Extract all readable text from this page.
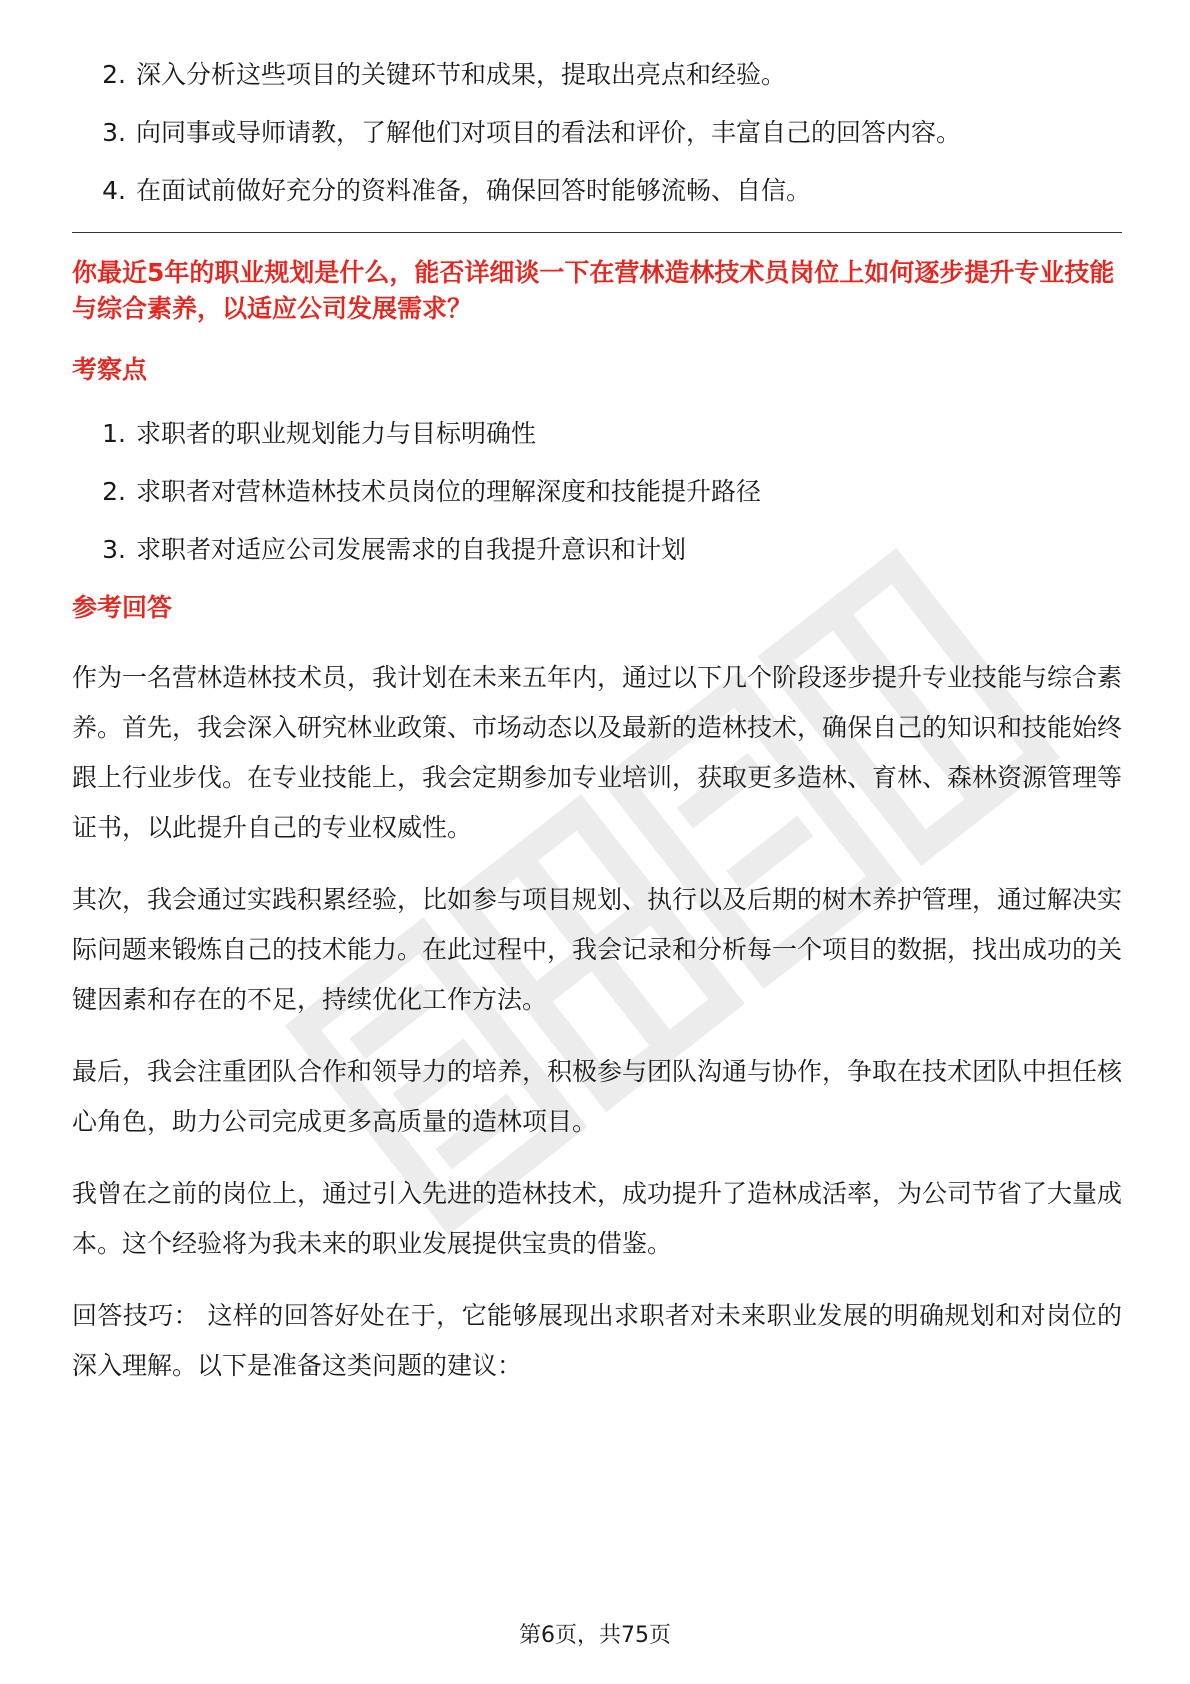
2. 深入分析这些项目的关键环节和成果，提取出亮点和经验。
3. 向同事或导师请教，了解他们对项目的看法和评价，丰富自己的回答内容。
4. 在面试前做好充分的资料准备，确保回答时能够流畅、自信。
你最近5年的职业规划是什么，能否详细谈一下在营林造林技术员岗位上如何逐步提升专业技能与综合素养，以适应公司发展需求？
考察点
1. 求职者的职业规划能力与目标明确性
2. 求职者对营林造林技术员岗位的理解深度和技能提升路径
3. 求职者对适应公司发展需求的自我提升意识和计划
参考回答

作为一名营林造林技术员，我计划在未来五年内，通过以下几个阶段逐步提升专业技能与综合素养。首先，我会深入研究林业政策、市场动态以及最新的造林技术，确保自己的知识和技能始终跟上行业步伐。在专业技能上，我会定期参加专业培训，获取更多造林、育林、森林资源管理等证书，以此提升自己的专业权威性。

其次，我会通过实践积累经验，比如参与项目规划、执行以及后期的树木养护管理，通过解决实际问题来锻炼自己的技术能力。在此过程中，我会记录和分析每一个项目的数据，找出成功的关键因素和存在的不足，持续优化工作方法。

最后，我会注重团队合作和领导力的培养，积极参与团队沟通与协作，争取在技术团队中担任核心角色，助力公司完成更多高质量的造林项目。

我曾在之前的岗位上，通过引入先进的造林技术，成功提升了造林成活率，为公司节省了大量成本。这个经验将为我未来的职业发展提供宝贵的借鉴。

回答技巧： 这样的回答好处在于，它能够展现出求职者对未来职业发展的明确规划和对岗位的深入理解。以下是准备这类问题的建议：

第6页，共75页
